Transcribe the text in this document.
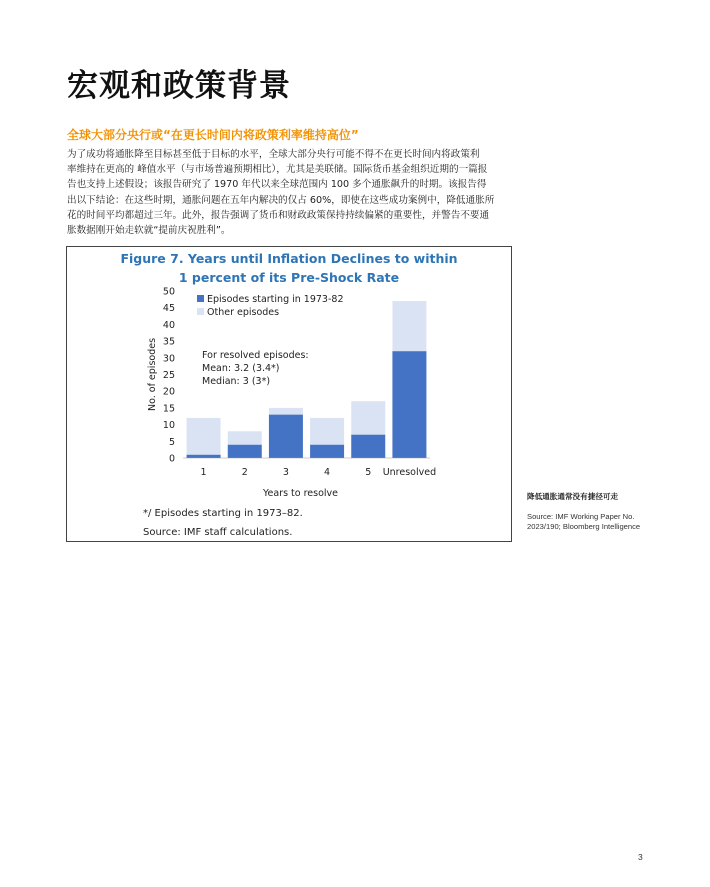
宏观和政策背景
全球大部分央行或“在更长时间内将政策利率维持高位”
为了成功将通胀降至目标甚至低于目标的水平，全球大部分央行可能不得不在更长时间内将政策利
率维持在更高的 峰值水平（与市场普遍预期相比），尤其是美联储。国际货币基金组织近期的一篇报
告也支持上述假设；该报告研究了 1970 年代以来全球范围内 100 多个通胀飙升的时期。该报告得
出以下结论：在这些时期，通胀问题在五年内解决的仅占 60%，即使在这些成功案例中，降低通胀所
花的时间平均都超过三年。此外，报告强调了货币和财政政策保持持续偏紧的重要性，并警告不要通
胀数据刚开始走软就“提前庆祝胜利”。
Figure 7. Years until Inflation Declines to within
1 percent of its Pre-Shock Rate
0
5
10
15
20
25
30
35
40
45
50
No. of episodes
1	2	3	4	5 Unresolved
Years to resolve
Episodes starting in 1973-82
Other episodes
For resolved episodes:
Mean: 3.2 (3.4*)
Median: 3 (3*)
*/ Episodes starting in 1973–82.
Source: IMF staff calculations.
降低通胀通常没有捷径可走
Source: IMF Working Paper No. 2023/190; Bloomberg Intelligence
3
